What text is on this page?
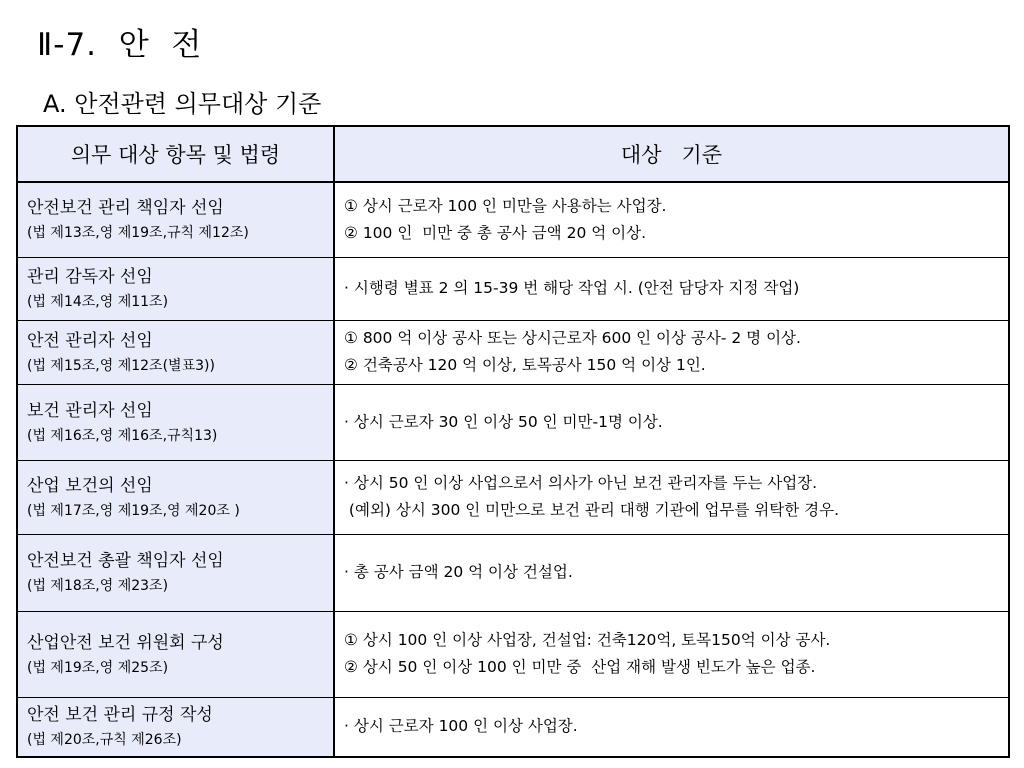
Ⅱ-7.  안  전
A. 안전관련 의무대상 기준
의무 대상 항목 및 법령	대상   기준

안전보건 관리 책임자 선임
(법 제13조,영 제19조,규칙 제12조)	① 상시 근로자 100 인 미만을 사용하는 사업장.
② 100 인  미만 중 총 공사 금액 20 억 이상.

관리 감독자 선임
(법 제14조,영 제11조)	· 시행령 별표 2 의 15-39 번 해당 작업 시. (안전 담당자 지정 작업)

안전 관리자 선임
(법 제15조,영 제12조(별표3))	① 800 억 이상 공사 또는 상시근로자 600 인 이상 공사- 2 명 이상.
② 건축공사 120 억 이상, 토목공사 150 억 이상 1인.

보건 관리자 선임
(법 제16조,영 제16조,규칙13)	· 상시 근로자 30 인 이상 50 인 미만-1명 이상.

산업 보건의 선임
(법 제17조,영 제19조,영 제20조 )	· 상시 50 인 이상 사업으로서 의사가 아닌 보건 관리자를 두는 사업장.
(예외) 상시 300 인 미만으로 보건 관리 대행 기관에 업무를 위탁한 경우.

안전보건 총괄 책임자 선임
(법 제18조,영 제23조)	· 총 공사 금액 20 억 이상 건설업.

산업안전 보건 위원회 구성
(법 제19조,영 제25조)	① 상시 100 인 이상 사업장, 건설업: 건축120억, 토목150억 이상 공사.
② 상시 50 인 이상 100 인 미만 중  산업 재해 발생 빈도가 높은 업종.

안전 보건 관리 규정 작성
(법 제20조,규칙 제26조)	· 상시 근로자 100 인 이상 사업장.
